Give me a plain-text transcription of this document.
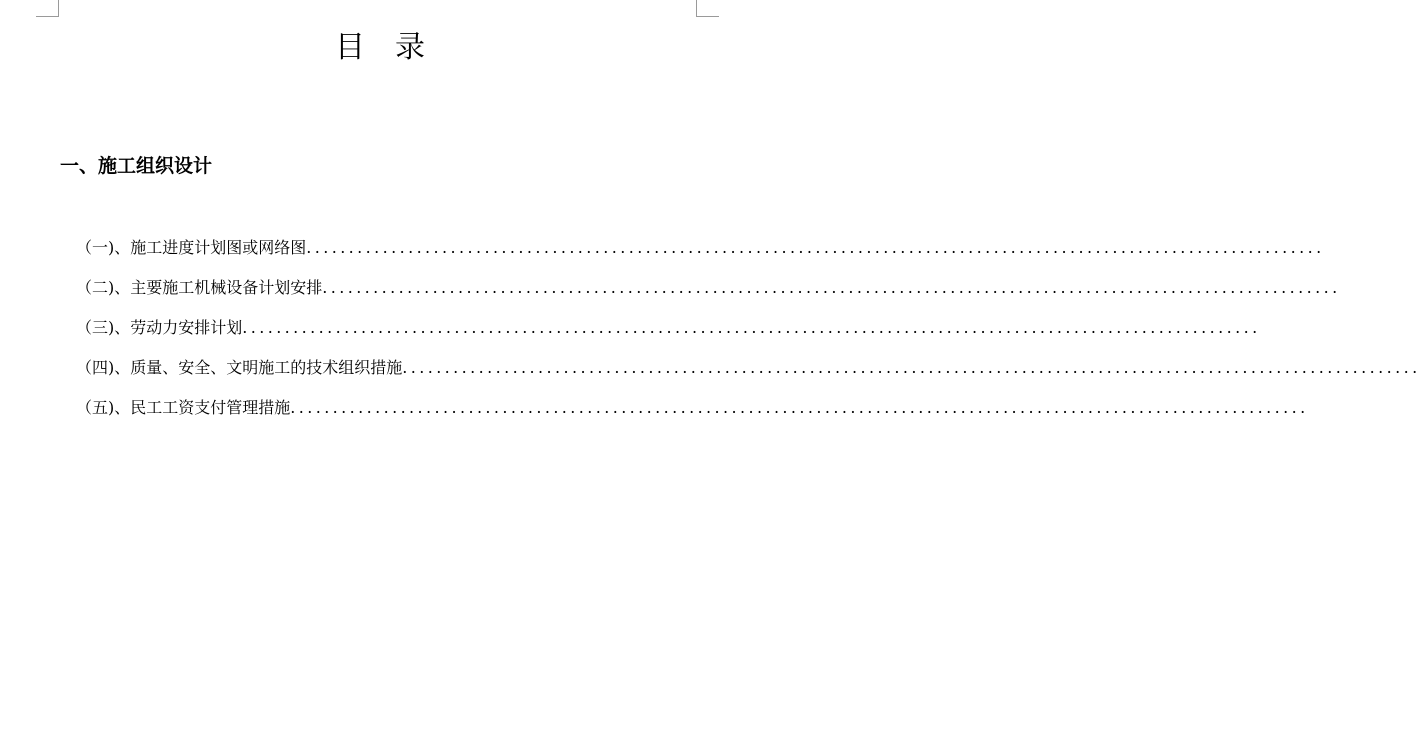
目录
一、施工组织设计
（一)、施工进度计划图或网络图 ........................................................................................................................
（二)、主要施工机械设备计划安排 ........................................................................................................................
（三)、劳动力安排计划 ........................................................................................................................
（四)、质量、安全、文明施工的技术组织措施 ........................................................................................................................
（五)、民工工资支付管理措施 ........................................................................................................................
